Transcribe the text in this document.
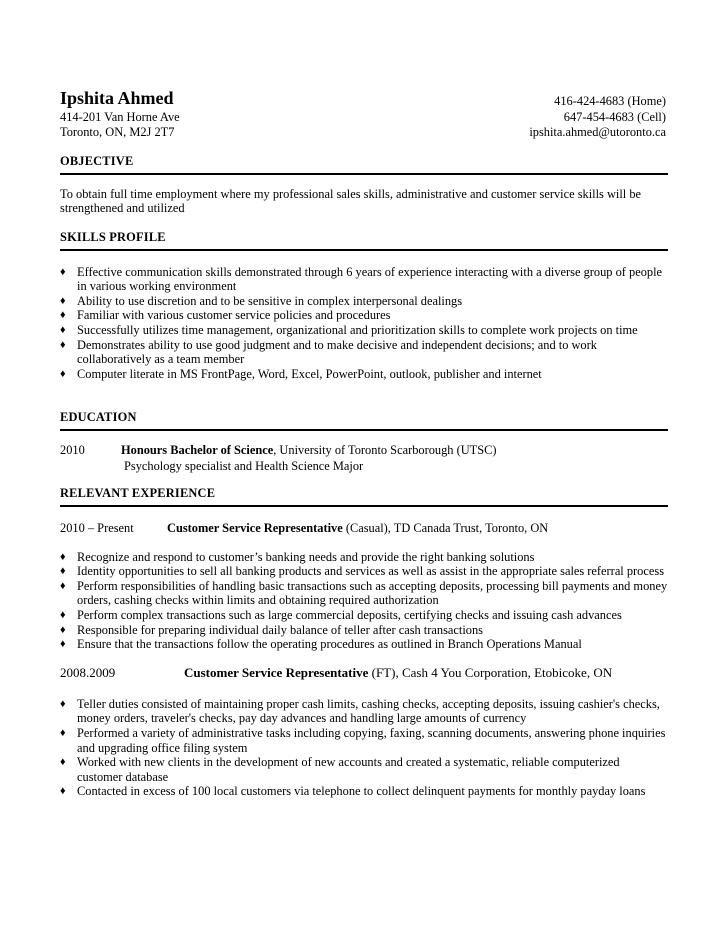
Ipshita Ahmed
414-201 Van Horne Ave
Toronto, ON, M2J 2T7
416-424-4683 (Home)
647-454-4683 (Cell)
ipshita.ahmed@utoronto.ca
OBJECTIVE
To obtain full time employment where my professional sales skills, administrative and customer service skills will be strengthened and utilized
SKILLS PROFILE
♦ Effective communication skills demonstrated through 6 years of experience interacting with a diverse group of people in various working environment
♦ Ability to use discretion and to be sensitive in complex interpersonal dealings
♦ Familiar with various customer service policies and procedures
♦ Successfully utilizes time management, organizational and prioritization skills to complete work projects on time
♦ Demonstrates ability to use good judgment and to make decisive and independent decisions; and to work collaboratively as a team member
♦ Computer literate in MS FrontPage, Word, Excel, PowerPoint, outlook, publisher and internet
EDUCATION
2010	Honours Bachelor of Science, University of Toronto Scarborough (UTSC)
Psychology specialist and Health Science Major
RELEVANT EXPERIENCE
2010 – Present	Customer Service Representative (Casual), TD Canada Trust, Toronto, ON
♦ Recognize and respond to customer’s banking needs and provide the right banking solutions
♦ Identity opportunities to sell all banking products and services as well as assist in the appropriate sales referral process
♦ Perform responsibilities of handling basic transactions such as accepting deposits, processing bill payments and money orders, cashing checks within limits and obtaining required authorization
♦ Perform complex transactions such as large commercial deposits, certifying checks and issuing cash advances
♦ Responsible for preparing individual daily balance of teller after cash transactions
♦ Ensure that the transactions follow the operating procedures as outlined in Branch Operations Manual
2008.2009	Customer Service Representative (FT), Cash 4 You Corporation, Etobicoke, ON
♦ Teller duties consisted of maintaining proper cash limits, cashing checks, accepting deposits, issuing cashier's checks, money orders, traveler's checks, pay day advances and handling large amounts of currency
♦ Performed a variety of administrative tasks including copying, faxing, scanning documents, answering phone inquiries and upgrading office filing system
♦ Worked with new clients in the development of new accounts and created a systematic, reliable computerized customer database
♦ Contacted in excess of 100 local customers via telephone to collect delinquent payments for monthly payday loans
